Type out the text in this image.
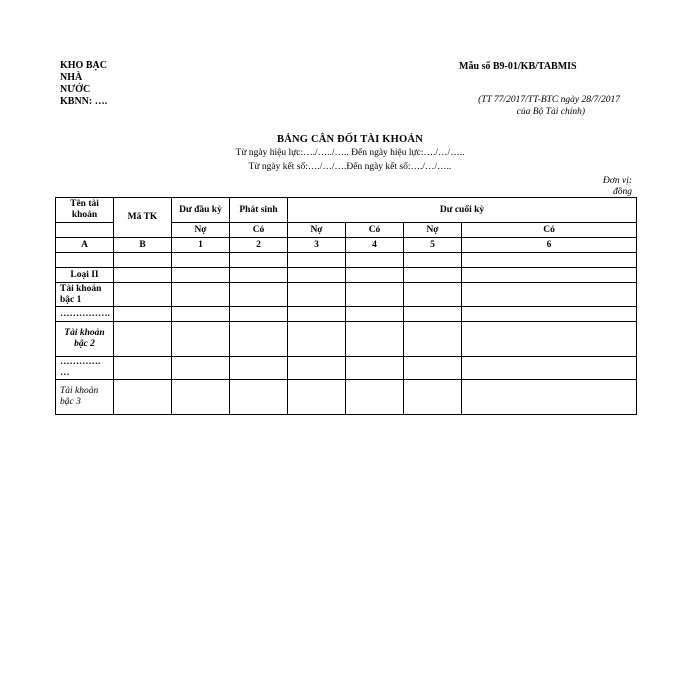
KHO BẠC
NHÀ
NƯỚC
KBNN: ….
Mẫu số B9-01/KB/TABMIS
(TT 77/2017/TT-BTC ngày 28/7/2017
của Bộ Tài chính)
BẢNG CÂN ĐỐI TÀI KHOẢN
Từ ngày hiệu lực:…./…../….. Đến ngày hiệu lực:…./…/…..
Từ ngày kết số:…./…/….Đến ngày kết số:…./…/…..
Đơn vị:
đồng
Tên tài khoản	Mã TK	Dư đầu kỳ	Phát sinh	Dư cuối kỳ			
		Nợ	Có	Nợ	Có	Nợ	Có
A	B	1	2	3	4	5	6

Loại II							
Tài khoản bậc 1							
…………….							
Tài khoản bậc 2							
…………. …							
Tài khoản bậc 3							
